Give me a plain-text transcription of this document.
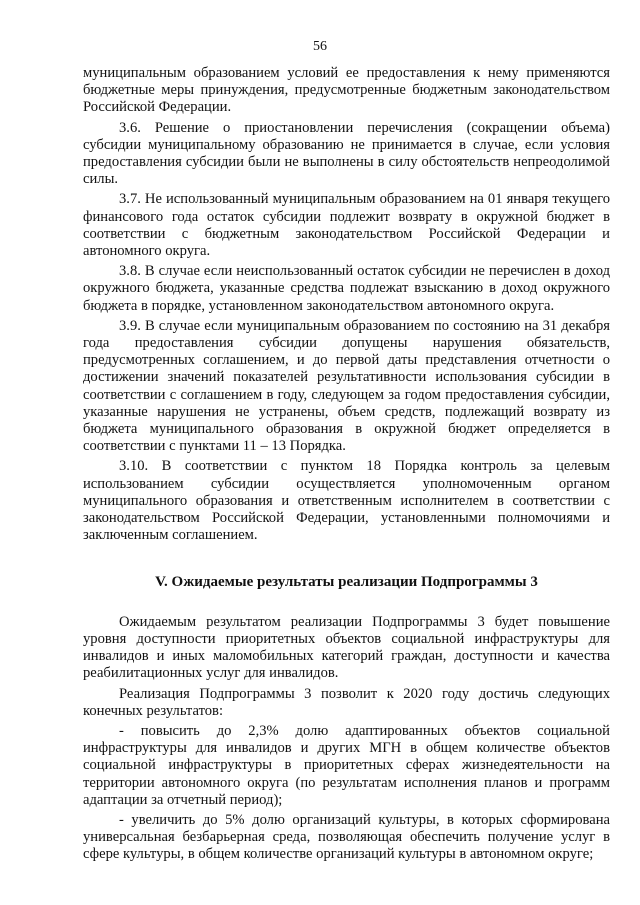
56

муниципальным образованием условий ее предоставления к нему применяются бюджетные меры принуждения, предусмотренные бюджетным законодательством Российской Федерации.

3.6. Решение о приостановлении перечисления (сокращении объема) субсидии муниципальному образованию не принимается в случае, если условия предоставления субсидии были не выполнены в силу обстоятельств непреодолимой силы.

3.7. Не использованный муниципальным образованием на 01 января текущего финансового года остаток субсидии подлежит возврату в окружной бюджет в соответствии с бюджетным законодательством Российской Федерации и автономного округа.

3.8. В случае если неиспользованный остаток субсидии не перечислен в доход окружного бюджета, указанные средства подлежат взысканию в доход окружного бюджета в порядке, установленном законодательством автономного округа.

3.9. В случае если муниципальным образованием по состоянию на 31 декабря года предоставления субсидии допущены нарушения обязательств, предусмотренных соглашением, и до первой даты представления отчетности о достижении значений показателей результативности использования субсидии в соответствии с соглашением в году, следующем за годом предоставления субсидии, указанные нарушения не устранены, объем средств, подлежащий возврату из бюджета муниципального образования в окружной бюджет определяется в соответствии с пунктами 11 – 13 Порядка.

3.10. В соответствии с пунктом 18 Порядка контроль за целевым использованием субсидии осуществляется уполномоченным органом муниципального образования и ответственным исполнителем в соответствии с законодательством Российской Федерации, установленными полномочиями и заключенным соглашением.

V. Ожидаемые результаты реализации Подпрограммы 3

Ожидаемым результатом реализации Подпрограммы 3 будет повышение уровня доступности приоритетных объектов социальной инфраструктуры для инвалидов и иных маломобильных категорий граждан, доступности и качества реабилитационных услуг для инвалидов.

Реализация Подпрограммы 3 позволит к 2020 году достичь следующих конечных результатов:

- повысить до 2,3% долю адаптированных объектов социальной инфраструктуры для инвалидов и других МГН в общем количестве объектов социальной инфраструктуры в приоритетных сферах жизнедеятельности на территории автономного округа (по результатам исполнения планов и программ адаптации за отчетный период);

- увеличить до 5% долю организаций культуры, в которых сформирована универсальная безбарьерная среда, позволяющая обеспечить получение услуг в сфере культуры, в общем количестве организаций культуры в автономном округе;
